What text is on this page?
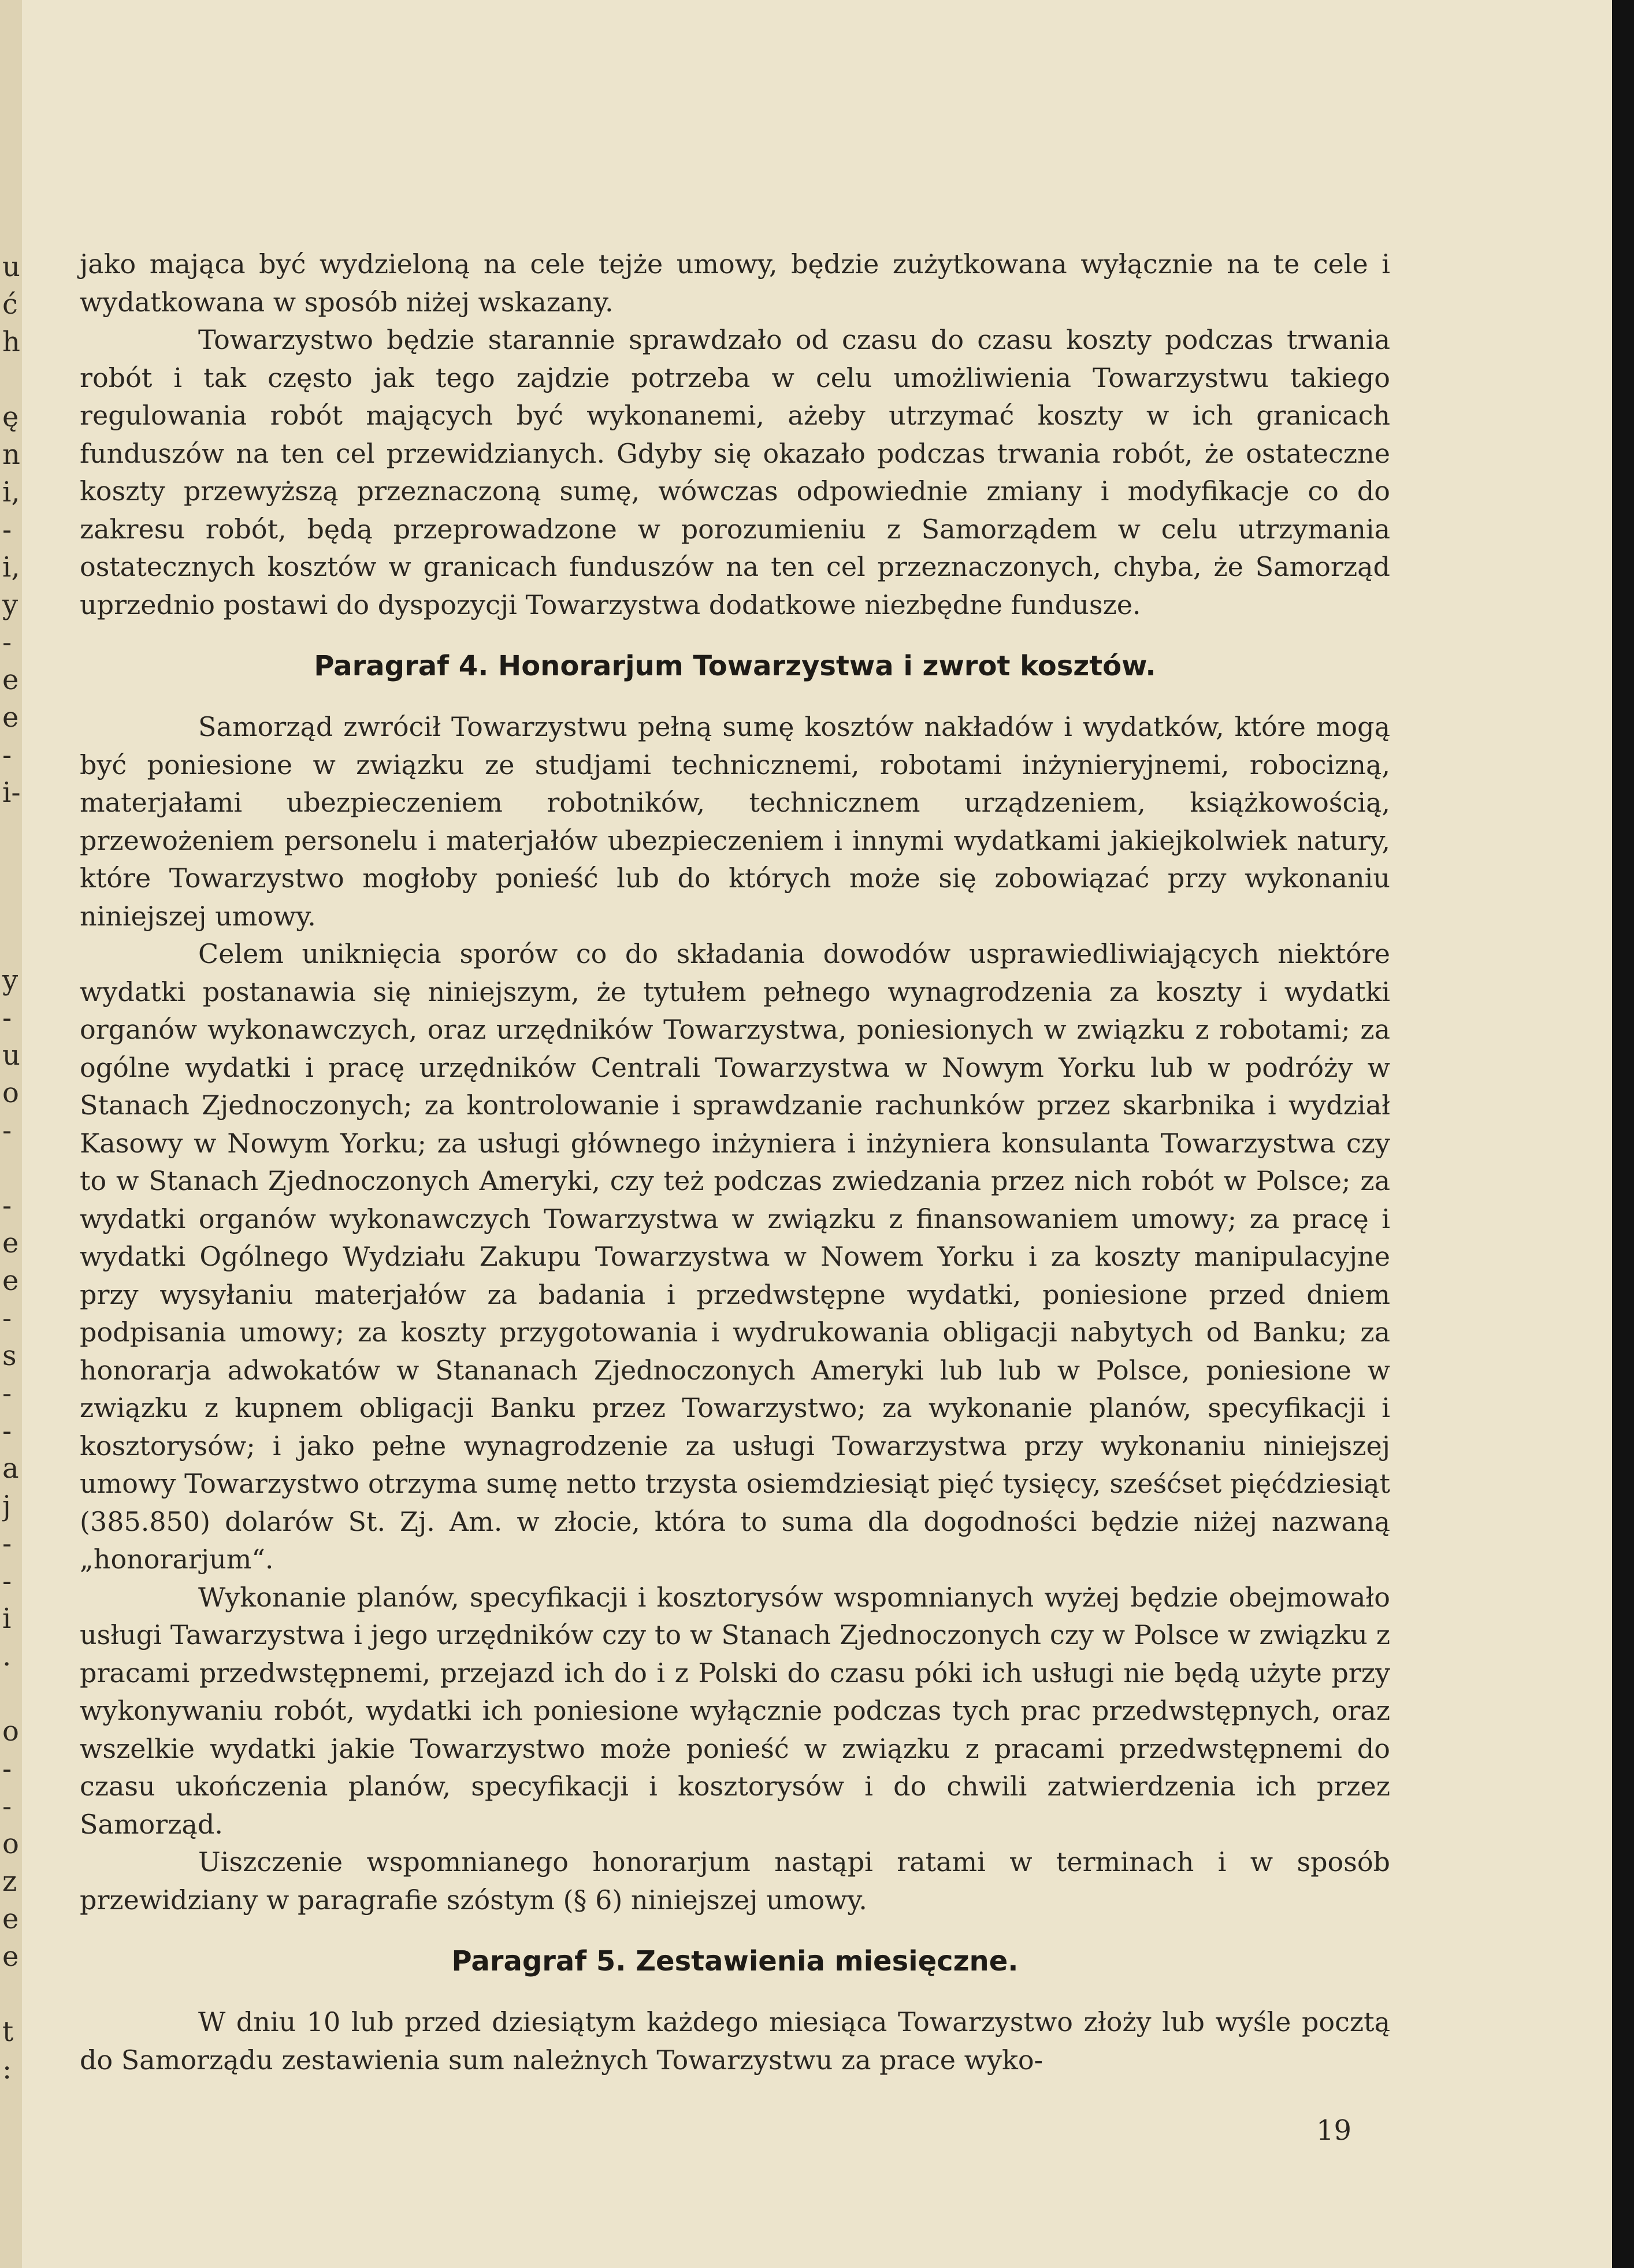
u
ć
h
ę
n
i,
-
i,
y
-
e
e
-
i-
y
-
u
o
-
-
e
e
-
s
-
-
a
j
-
-
i
.
o
-
-
o
z
e
e
t
:

jako mająca być wydzieloną na cele tejże umowy, będzie zużytkowana wyłącznie na te cele i wydatkowana w sposób niżej wskazany.

Towarzystwo będzie starannie sprawdzało od czasu do czasu koszty podczas trwania robót i tak często jak tego zajdzie potrzeba w celu umożliwienia Towarzystwu takiego regulowania robót mających być wykonanemi, ażeby utrzymać koszty w ich granicach funduszów na ten cel przewidzianych. Gdyby się okazało podczas trwania robót, że ostateczne koszty przewyższą przeznaczoną sumę, wówczas odpowiednie zmiany i modyfikacje co do zakresu robót, będą przeprowadzone w porozumieniu z Samorządem w celu utrzymania ostatecznych kosztów w granicach funduszów na ten cel przeznaczonych, chyba, że Samorząd uprzednio postawi do dyspozycji Towarzystwa dodatkowe niezbędne fundusze.

Paragraf 4. Honorarjum Towarzystwa i zwrot kosztów.

Samorząd zwrócił Towarzystwu pełną sumę kosztów nakładów i wydatków, które mogą być poniesione w związku ze studjami technicznemi, robotami inżynieryjnemi, robocizną, materjałami ubezpieczeniem robotników, technicznem urządzeniem, książkowością, przewożeniem personelu i materjałów ubezpieczeniem i innymi wydatkami jakiejkolwiek natury, które Towarzystwo mogłoby ponieść lub do których może się zobowiązać przy wykonaniu niniejszej umowy.

Celem uniknięcia sporów co do składania dowodów usprawiedliwiających niektóre wydatki postanawia się niniejszym, że tytułem pełnego wynagrodzenia za koszty i wydatki organów wykonawczych, oraz urzędników Towarzystwa, poniesionych w związku z robotami; za ogólne wydatki i pracę urzędników Centrali Towarzystwa w Nowym Yorku lub w podróży w Stanach Zjednoczonych; za kontrolowanie i sprawdzanie rachunków przez skarbnika i wydział Kasowy w Nowym Yorku; za usługi głównego inżyniera i inżyniera konsulanta Towarzystwa czy to w Stanach Zjednoczonych Ameryki, czy też podczas zwiedzania przez nich robót w Polsce; za wydatki organów wykonawczych Towarzystwa w związku z finansowaniem umowy; za pracę i wydatki Ogólnego Wydziału Zakupu Towarzystwa w Nowem Yorku i za koszty manipulacyjne przy wysyłaniu materjałów za badania i przedwstępne wydatki, poniesione przed dniem podpisania umowy; za koszty przygotowania i wydrukowania obligacji nabytych od Banku; za honorarja adwokatów w Stananach Zjednoczonych Ameryki lub lub w Polsce, poniesione w związku z kupnem obligacji Banku przez Towarzystwo; za wykonanie planów, specyfikacji i kosztorysów; i jako pełne wynagrodzenie za usługi Towarzystwa przy wykonaniu niniejszej umowy Towarzystwo otrzyma sumę netto trzysta osiemdziesiąt pięć tysięcy, sześćset pięćdziesiąt (385.850) dolarów St. Zj. Am. w złocie, która to suma dla dogodności będzie niżej nazwaną „honorarjum“.

Wykonanie planów, specyfikacji i kosztorysów wspomnianych wyżej będzie obejmowało usługi Tawarzystwa i jego urzędników czy to w Stanach Zjednoczonych czy w Polsce w związku z pracami przedwstępnemi, przejazd ich do i z Polski do czasu póki ich usługi nie będą użyte przy wykonywaniu robót, wydatki ich poniesione wyłącznie podczas tych prac przedwstępnych, oraz wszelkie wydatki jakie Towarzystwo może ponieść w związku z pracami przedwstępnemi do czasu ukończenia planów, specyfikacji i kosztorysów i do chwili zatwierdzenia ich przez Samorząd.

Uiszczenie wspomnianego honorarjum nastąpi ratami w terminach i w sposób przewidziany w paragrafie szóstym (§ 6) niniejszej umowy.

Paragraf 5. Zestawienia miesięczne.

W dniu 10 lub przed dziesiątym każdego miesiąca Towarzystwo złoży lub wyśle pocztą do Samorządu zestawienia sum należnych Towarzystwu za prace wyko-

19
